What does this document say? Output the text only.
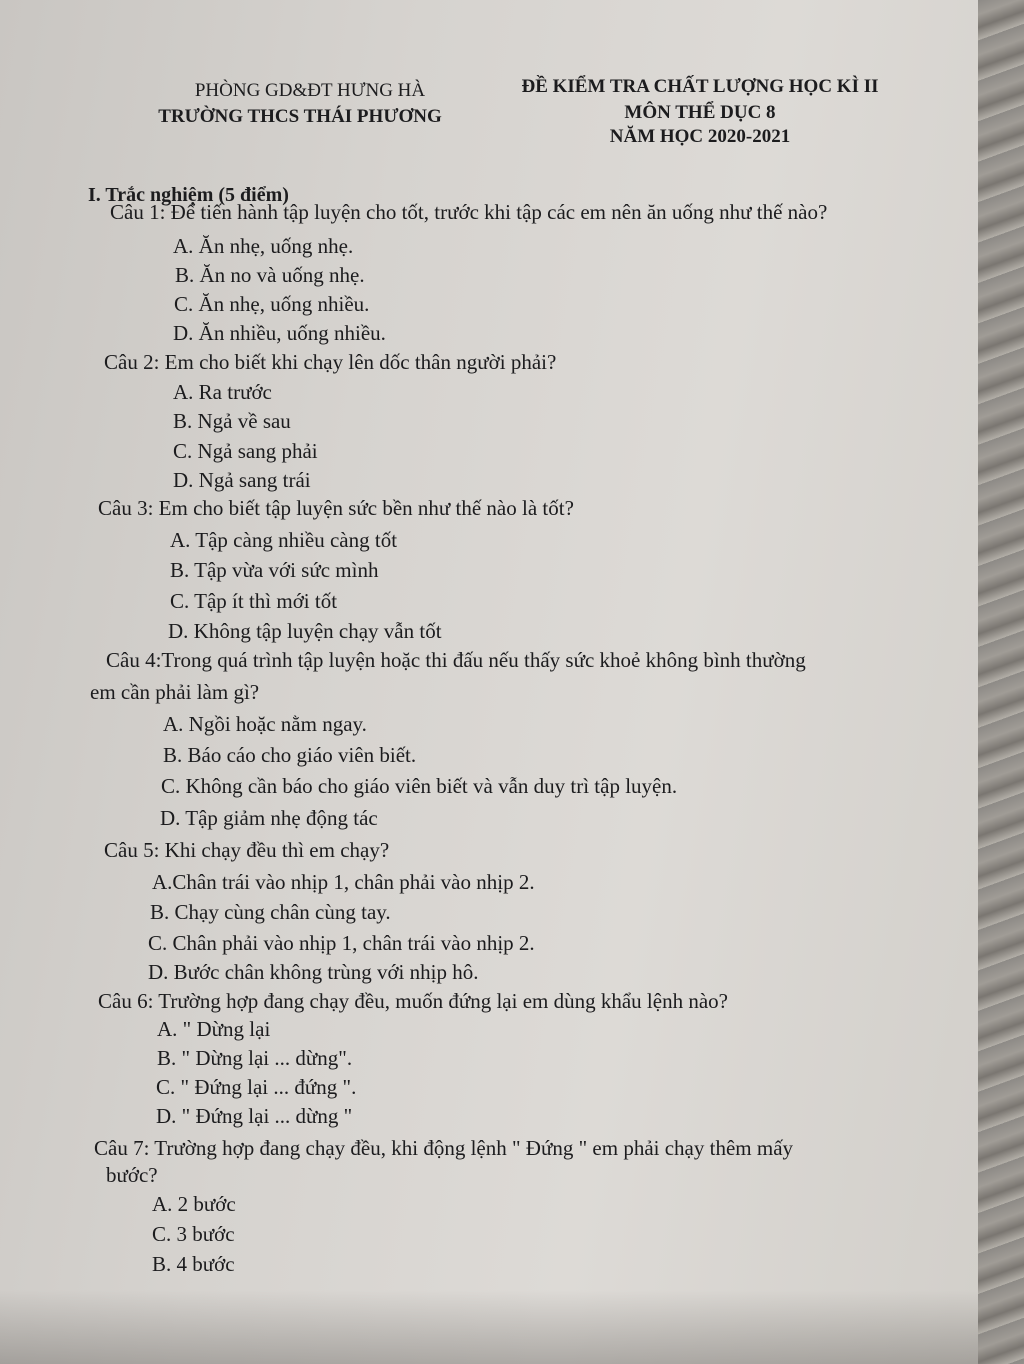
PHÒNG GD&ĐT HƯNG HÀ
TRƯỜNG THCS THÁI PHƯƠNG
ĐỀ KIỂM TRA CHẤT LƯỢNG HỌC KÌ II
MÔN THỂ DỤC 8
NĂM HỌC 2020-2021
I. Trắc nghiệm (5 điểm)
Câu 1: Để tiến hành tập luyện cho tốt, trước khi tập các em nên ăn uống như thế nào?
A. Ăn nhẹ, uống nhẹ.
B. Ăn no và uống nhẹ.
C. Ăn nhẹ, uống nhiều.
D. Ăn nhiều, uống nhiều.
Câu 2: Em cho biết khi chạy lên dốc thân người phải?
A. Ra trước
B. Ngả về sau
C. Ngả sang phải
D. Ngả sang trái
Câu 3: Em cho biết tập luyện sức bền như thế nào là tốt?
A. Tập càng nhiều càng tốt
B. Tập vừa với sức mình
C. Tập ít thì mới tốt
D. Không tập luyện chạy vẫn tốt
Câu 4:Trong quá trình tập luyện hoặc thi đấu nếu thấy sức khoẻ không bình thường
em cần phải làm gì?
A. Ngồi hoặc nằm ngay.
B. Báo cáo cho giáo viên biết.
C. Không cần báo cho giáo viên biết và vẫn duy trì tập luyện.
D. Tập giảm nhẹ động tác
Câu 5: Khi chạy đều thì em chạy?
A.Chân trái vào nhịp 1, chân phải vào nhịp 2.
B. Chạy cùng chân cùng tay.
C. Chân phải vào nhịp 1, chân trái vào nhịp 2.
D. Bước chân không trùng với nhịp hô.
Câu 6: Trường hợp đang chạy đều, muốn đứng lại em dùng khẩu lệnh nào?
A. " Dừng lại
B. " Dừng lại ... dừng".
C. " Đứng lại ... đứng ".
D. " Đứng lại ... dừng "
Câu 7: Trường hợp đang chạy đều, khi động lệnh " Đứng " em phải chạy thêm mấy
bước?
A. 2 bước
C. 3 bước
B. 4 bước
